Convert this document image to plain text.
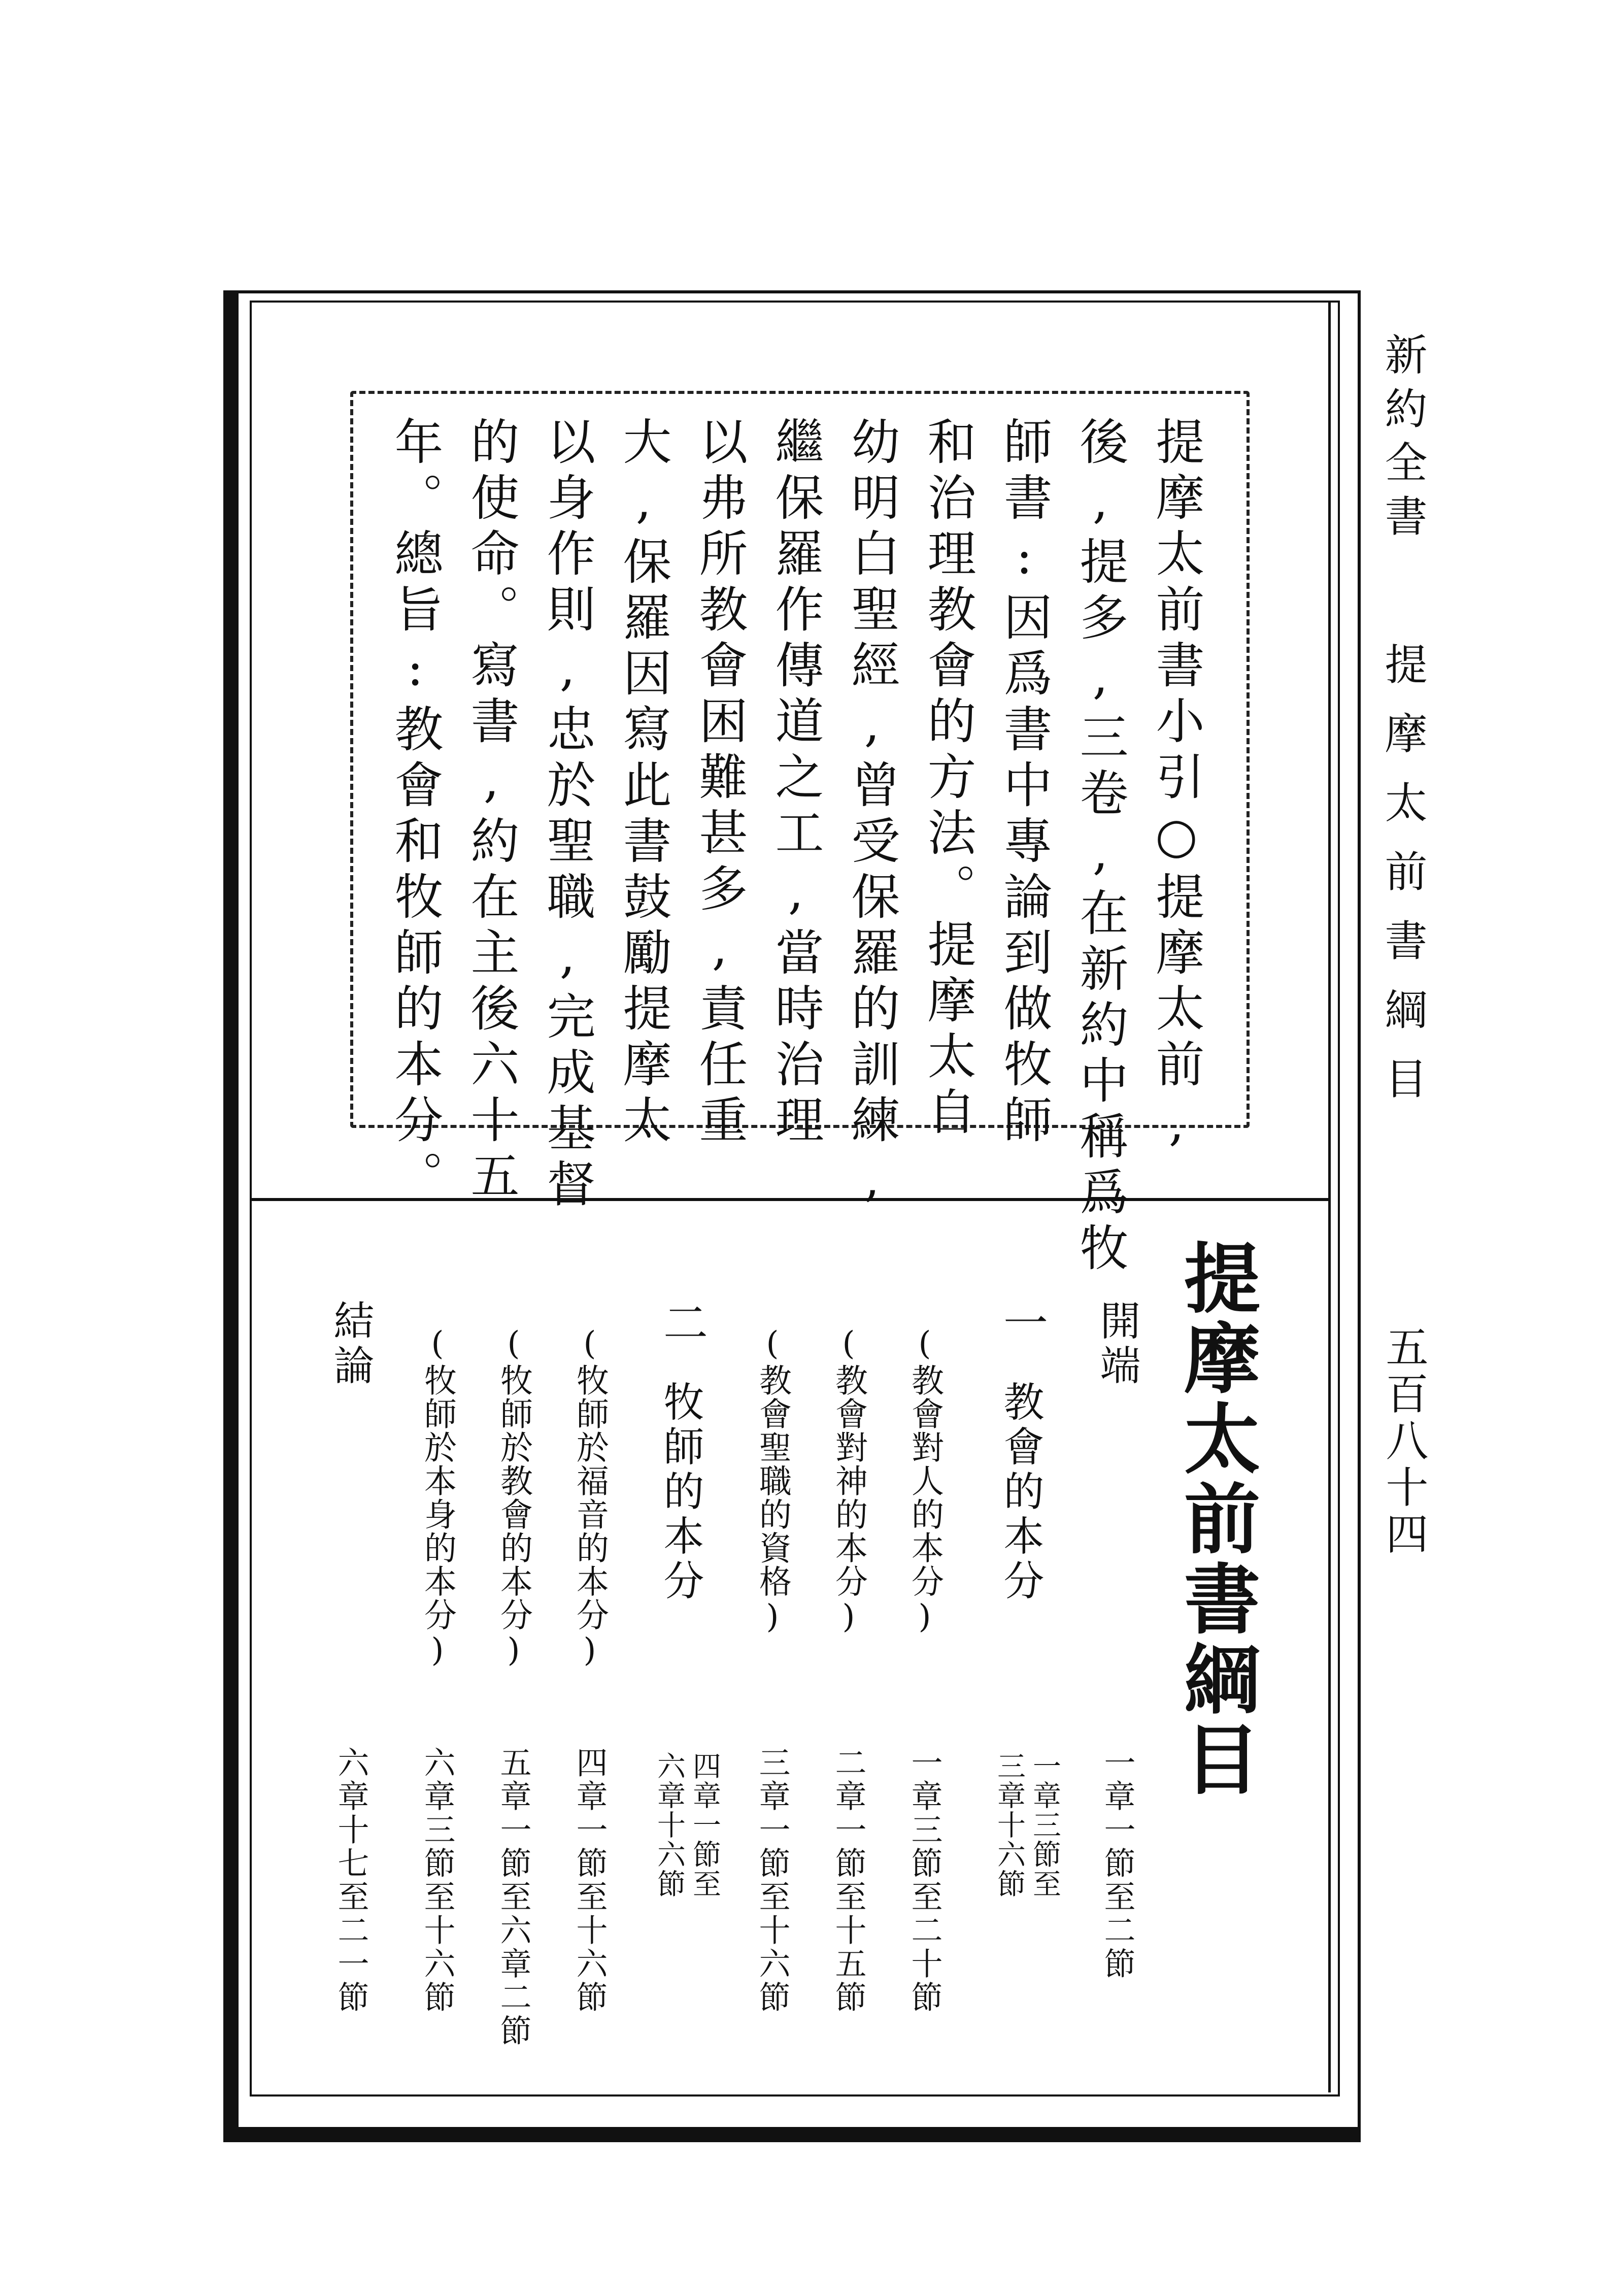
新約全書
提摩太前書綱目
五百八十四
提摩太前書小引○提摩太前,
後,提多,三卷,在新約中稱爲牧
師書:因爲書中專論到做牧師
和治理教會的方法。提摩太自
幼明白聖經,曾受保羅的訓練,
繼保羅作傳道之工,當時治理
以弗所教會困難甚多,責任重
大,保羅因寫此書鼓勵提摩太
以身作則,忠於聖職,完成基督
的使命。寫書,約在主後六十五
年。總旨:教會和牧師的本分。
提摩太前書綱目
開端
一章一節至二節
一
教會的本分
一章三節至
三章十六節
(教會對人的本分)
一章三節至二十節
(教會對神的本分)
二章一節至十五節
(教會聖職的資格)
三章一節至十六節
二
牧師的本分
四章一節至
六章十六節
(牧師於福音的本分)
四章一節至十六節
(牧師於教會的本分)
五章一節至六章二節
(牧師於本身的本分)
六章三節至十六節
結論
六章十七至二一節
